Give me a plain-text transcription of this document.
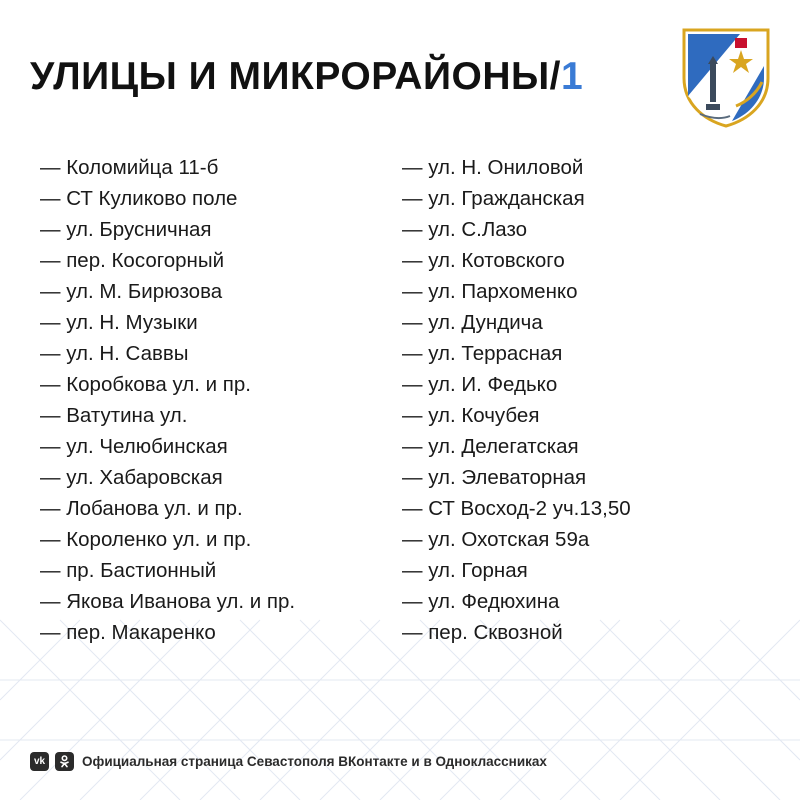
УЛИЦЫ И МИКРОРАЙОНЫ/1
— Коломийца 11-б
— СТ Куликово поле
— ул. Брусничная
— пер. Косогорный
— ул. М. Бирюзова
— ул. Н. Музыки
— ул. Н. Саввы
— Коробкова ул. и пр.
— Ватутина ул.
— ул. Челюбинская
— ул. Хабаровская
— Лобанова ул. и пр.
— Короленко ул. и пр.
— пр. Бастионный
— Якова Иванова ул. и пр.
— пер. Макаренко
— ул. Н. Ониловой
— ул. Гражданская
— ул. С.Лазо
— ул. Котовского
— ул. Пархоменко
— ул. Дундича
— ул. Террасная
— ул. И. Федько
— ул. Кочубея
— ул. Делегатская
— ул. Элеваторная
— СТ Восход-2 уч.13,50
— ул. Охотская 59а
— ул. Горная
— ул. Федюхина
— пер. Сквозной
vk	Официальная страница Севастополя ВКонтакте и в Одноклассниках
